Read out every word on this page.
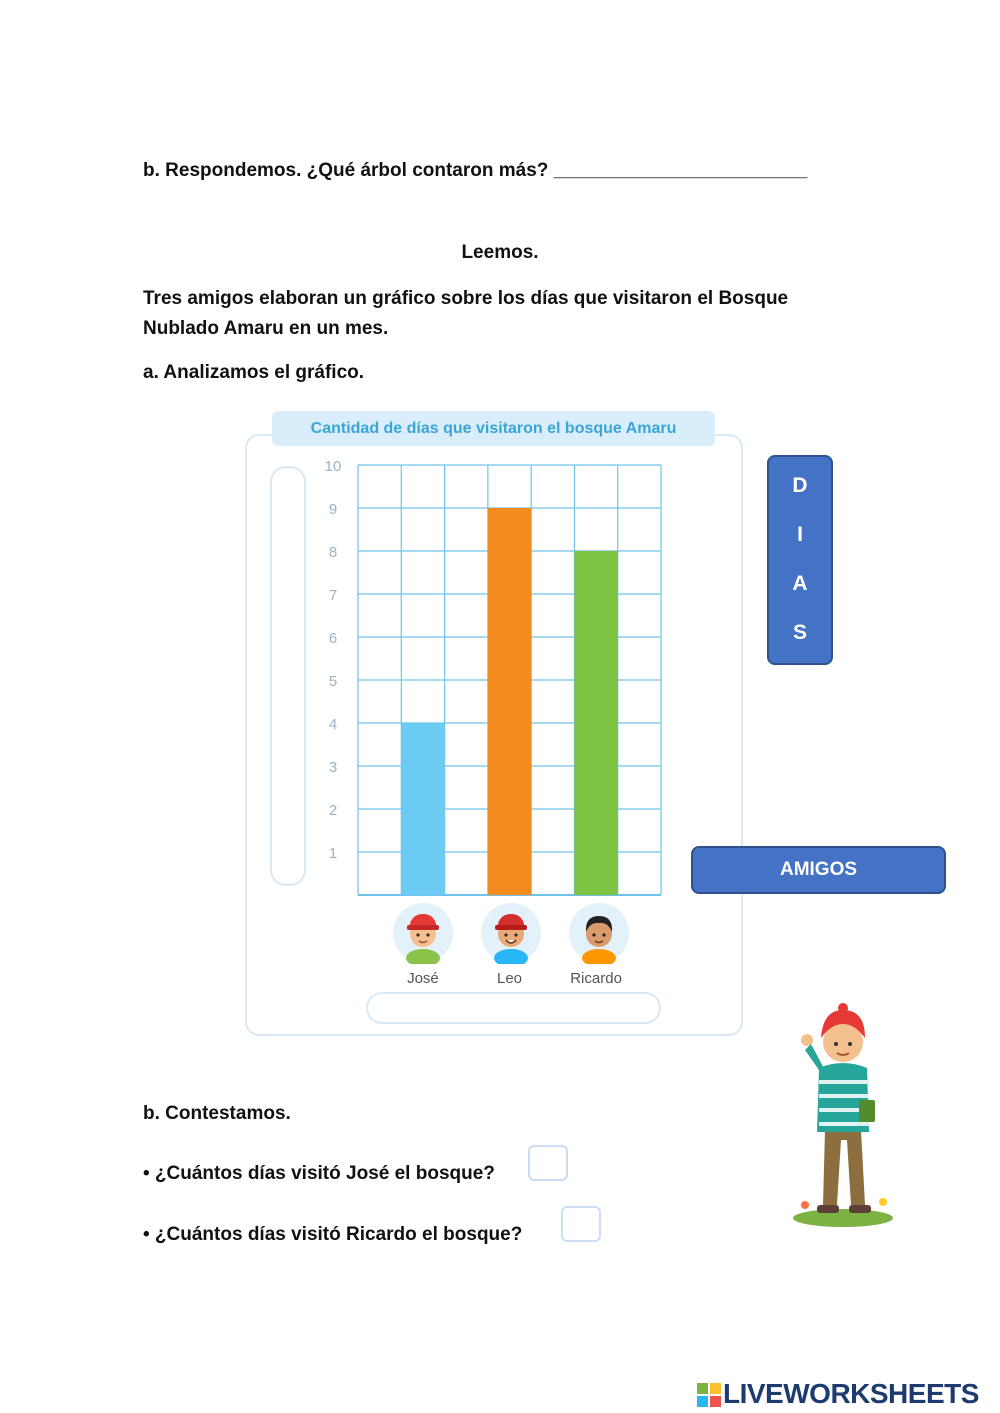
b. Respondemos. ¿Qué árbol contaron más? ________________________
Leemos.
Tres amigos elaboran un gráfico sobre los días que visitaron el Bosque Nublado Amaru en un mes.
a. Analizamos el gráfico.
Cantidad de días que visitaron el bosque Amaru
1
2
3
4
5
6
7
8
9
10
José	Leo	Ricardo
D
I
A
S
AMIGOS
b. Contestamos.
• ¿Cuántos días visitó José el bosque?
• ¿Cuántos días visitó Ricardo el bosque?
LIVEWORKSHEETS
